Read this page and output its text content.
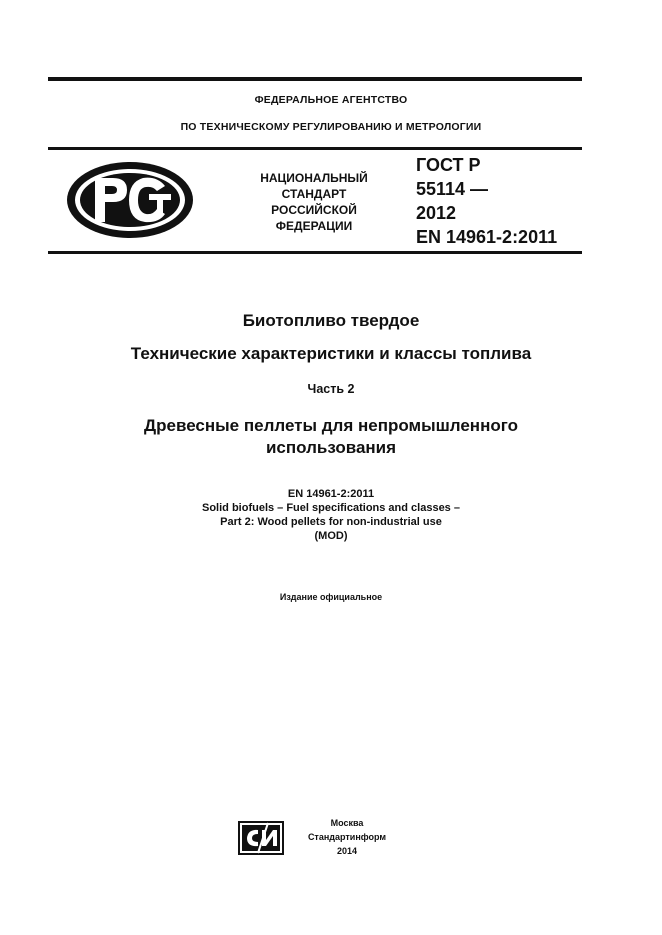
ФЕДЕРАЛЬНОЕ АГЕНТСТВО
ПО ТЕХНИЧЕСКОМУ РЕГУЛИРОВАНИЮ И МЕТРОЛОГИИ
НАЦИОНАЛЬНЫЙ
СТАНДАРТ
РОССИЙСКОЙ
ФЕДЕРАЦИИ
ГОСТ Р
55114 —
2012
EN 14961-2:2011
Биотопливо твердое
Технические характеристики и классы топлива
Часть 2
Древесные пеллеты для непромышленного
использования
EN 14961-2:2011
Solid biofuels – Fuel specifications and classes –
Part 2: Wood pellets for non-industrial use
(MOD)
Издание официальное
Москва
Стандартинформ
2014
